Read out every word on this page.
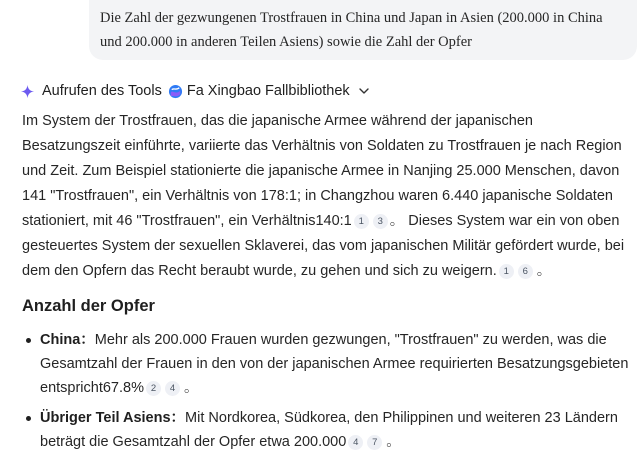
Die Zahl der gezwungenen Trostfrauen in China und Japan in Asien (200.000 in China und 200.000 in anderen Teilen Asiens) sowie die Zahl der Opfer
Aufrufen des Tools Fa Xingbao Fallbibliothek

Im System der Trostfrauen, das die japanische Armee während der japanischen Besatzungszeit einführte, variierte das Verhältnis von Soldaten zu Trostfrauen je nach Region und Zeit. Zum Beispiel stationierte die japanische Armee in Nanjing 25.000 Menschen, davon 141 "Trostfrauen", ein Verhältnis von 178:1; in Changzhou waren 6.440 japanische Soldaten stationiert, mit 46 "Trostfrauen", ein Verhältnis140:1 1 3 。 Dieses System war ein von oben gesteuertes System der sexuellen Sklaverei, das vom japanischen Militär gefördert wurde, bei dem den Opfern das Recht beraubt wurde, zu gehen und sich zu weigern. 1 6 。

Anzahl der Opfer
China：Mehr als 200.000 Frauen wurden gezwungen, "Trostfrauen" zu werden, was die Gesamtzahl der Frauen in den von der japanischen Armee requirierten Besatzungsgebieten entspricht67.8% 2 4 。
Übriger Teil Asiens：Mit Nordkorea, Südkorea, den Philippinen und weiteren 23 Ländern beträgt die Gesamtzahl der Opfer etwa 200.000 4 7 。
